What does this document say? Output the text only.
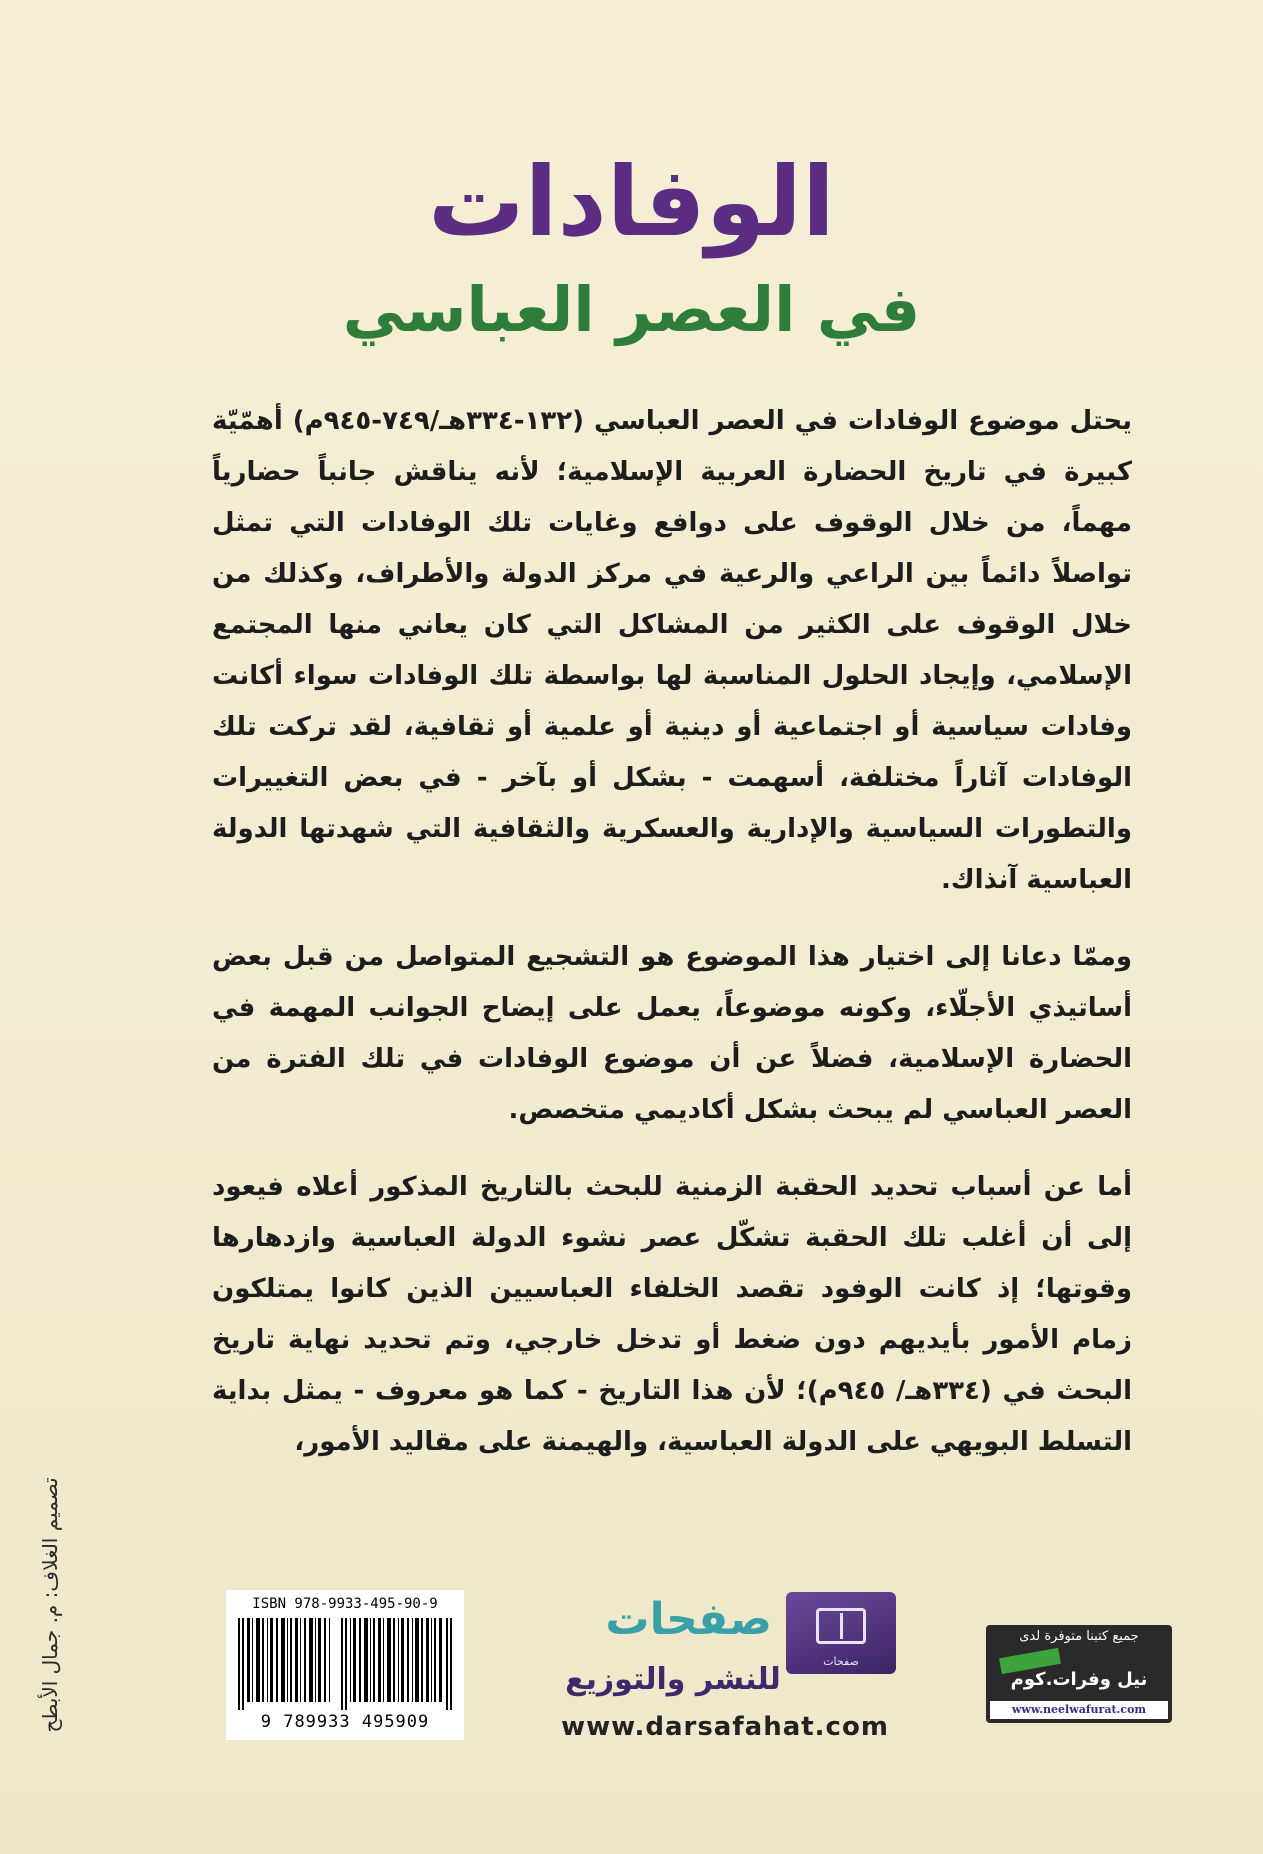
الوفادات
في العصر العباسي

يحتل موضوع الوفادات في العصر العباسي (١٣٢-٣٣٤هـ/٧٤٩-٩٤٥م) أهمّيّة كبيرة في تاريخ الحضارة العربية الإسلامية؛ لأنه يناقش جانباً حضارياً مهماً، من خلال الوقوف على دوافع وغايات تلك الوفادات التي تمثل تواصلاً دائماً بين الراعي والرعية في مركز الدولة والأطراف، وكذلك من خلال الوقوف على الكثير من المشاكل التي كان يعاني منها المجتمع الإسلامي، وإيجاد الحلول المناسبة لها بواسطة تلك الوفادات سواء أكانت وفادات سياسية أو اجتماعية أو دينية أو علمية أو ثقافية، لقد تركت تلك الوفادات آثاراً مختلفة، أسهمت - بشكل أو بآخر - في بعض التغييرات والتطورات السياسية والإدارية والعسكرية والثقافية التي شهدتها الدولة العباسية آنذاك.

وممّا دعانا إلى اختيار هذا الموضوع هو التشجيع المتواصل من قبل بعض أساتيذي الأجلّاء، وكونه موضوعاً، يعمل على إيضاح الجوانب المهمة في الحضارة الإسلامية، فضلاً عن أن موضوع الوفادات في تلك الفترة من العصر العباسي لم يبحث بشكل أكاديمي متخصص.

أما عن أسباب تحديد الحقبة الزمنية للبحث بالتاريخ المذكور أعلاه فيعود إلى أن أغلب تلك الحقبة تشكّل عصر نشوء الدولة العباسية وازدهارها وقوتها؛ إذ كانت الوفود تقصد الخلفاء العباسيين الذين كانوا يمتلكون زمام الأمور بأيديهم دون ضغط أو تدخل خارجي، وتم تحديد نهاية تاريخ البحث في (٣٣٤هـ/ ٩٤٥م)؛ لأن هذا التاريخ - كما هو معروف - يمثل بداية التسلط البويهي على الدولة العباسية، والهيمنة على مقاليد الأمور،

تصميم الغلاف: م. جمال الأبطح	ISBN 978-9933-495-90-9
9 789933 495909
صفحات
صفحات
للنشر والتوزيع
www.darsafahat.com
جميع كتبنا متوفرة لدى
نيل وفرات.كوم
www.neelwafurat.com
